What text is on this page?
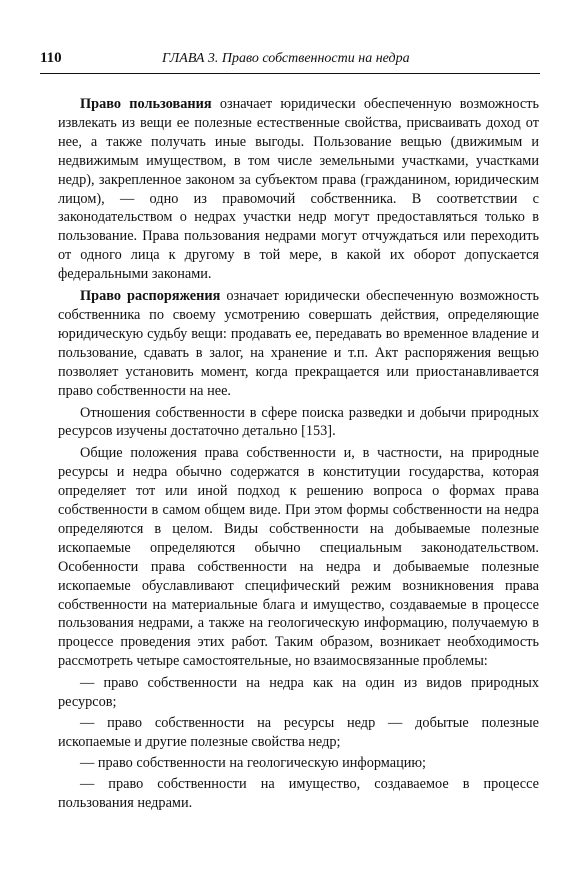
110	ГЛАВА 3. Право собственности на недра

Право пользования означает юридически обеспеченную возможность извлекать из вещи ее полезные естественные свойства, присваивать доход от нее, а также получать иные выгоды. Пользование вещью (движимым и недвижимым имуществом, в том числе земельными участками, участками недр), закрепленное законом за субъектом права (гражданином, юридическим лицом), — одно из правомочий собственника. В соответствии с законодательством о недрах участки недр могут предоставляться только в пользование. Права пользования недрами могут отчуждаться или переходить от одного лица к другому в той мере, в какой их оборот допускается федеральными законами.

Право распоряжения означает юридически обеспеченную возможность собственника по своему усмотрению совершать действия, определяющие юридическую судьбу вещи: продавать ее, передавать во временное владение и пользование, сдавать в залог, на хранение и т.п. Акт распоряжения вещью позволяет установить момент, когда прекращается или приостанавливается право собственности на нее.

Отношения собственности в сфере поиска разведки и добычи природных ресурсов изучены достаточно детально [153].

Общие положения права собственности и, в частности, на природные ресурсы и недра обычно содержатся в конституции государства, которая определяет тот или иной подход к решению вопроса о формах права собственности в самом общем виде. При этом формы собственности на недра определяются в целом. Виды собственности на добываемые полезные ископаемые определяются обычно специальным законодательством. Особенности права собственности на недра и добываемые полезные ископаемые обуславливают специфический режим возникновения права собственности на материальные блага и имущество, создаваемые в процессе пользования недрами, а также на геологическую информацию, получаемую в процессе проведения этих работ. Таким образом, возникает необходимость рассмотреть четыре самостоятельные, но взаимосвязанные проблемы:

— право собственности на недра как на один из видов природных ресурсов;

— право собственности на ресурсы недр — добытые полезные ископаемые и другие полезные свойства недр;

— право собственности на геологическую информацию;

— право собственности на имущество, создаваемое в процессе пользования недрами.
